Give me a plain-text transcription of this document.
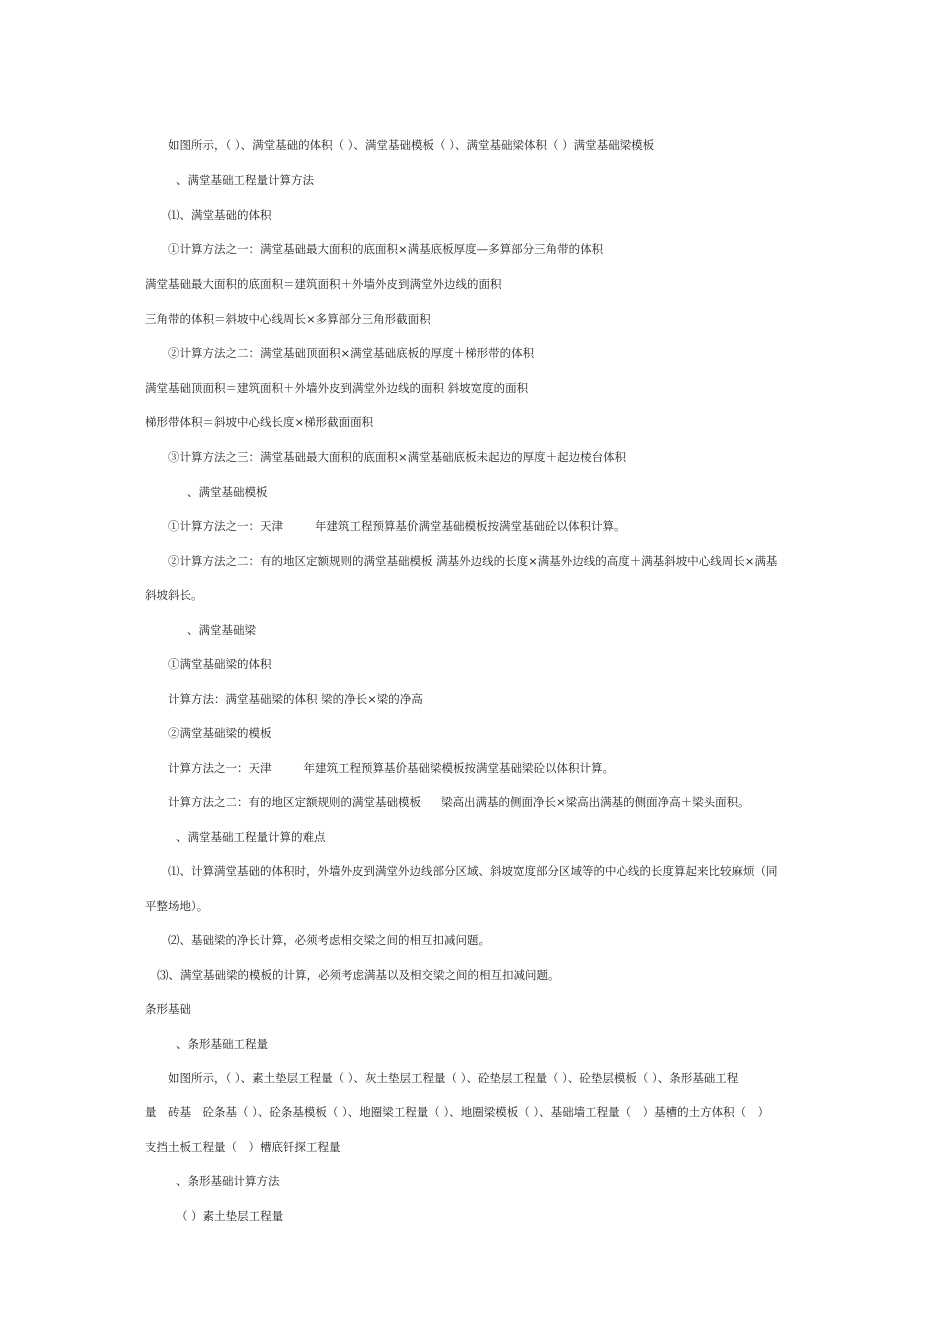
如图所示，（ ）、满堂基础的体积（ ）、满堂基础模板（ ）、满堂基础梁体积（ ）满堂基础梁模板
、满堂基础工程量计算方法
⑴、满堂基础的体积
①计算方法之一：满堂基础最大面积的底面积×满基底板厚度—多算部分三角带的体积
满堂基础最大面积的底面积＝建筑面积＋外墙外皮到满堂外边线的面积
三角带的体积＝斜坡中心线周长×多算部分三角形截面积
②计算方法之二：满堂基础顶面积×满堂基础底板的厚度＋梯形带的体积
满堂基础顶面积＝建筑面积＋外墙外皮到满堂外边线的面积 斜坡宽度的面积
梯形带体积＝斜坡中心线长度×梯形截面面积
③计算方法之三：满堂基础最大面积的底面积×满堂基础底板未起边的厚度＋起边棱台体积
、满堂基础模板
①计算方法之一：天津	年建筑工程预算基价满堂基础模板按满堂基础砼以体积计算。
②计算方法之二：有的地区定额规则的满堂基础模板 满基外边线的长度×满基外边线的高度＋满基斜坡中心线周长×满基
斜坡斜长。
、满堂基础梁
①满堂基础梁的体积
计算方法：满堂基础梁的体积 梁的净长×梁的净高
②满堂基础梁的模板
计算方法之一：天津	年建筑工程预算基价基础梁模板按满堂基础梁砼以体积计算。
计算方法之二：有的地区定额规则的满堂基础模板 梁高出满基的侧面净长×梁高出满基的侧面净高＋梁头面积。
、满堂基础工程量计算的难点
⑴、计算满堂基础的体积时，外墙外皮到满堂外边线部分区域、斜坡宽度部分区域等的中心线的长度算起来比较麻烦（同
平整场地）。
⑵、基础梁的净长计算，必须考虑相交梁之间的相互扣减问题。
⑶、满堂基础梁的模板的计算，必须考虑满基以及相交梁之间的相互扣减问题。
条形基础
、条形基础工程量
如图所示，（ ）、素土垫层工程量（ ）、灰土垫层工程量（ ）、砼垫层工程量（ ）、砼垫层模板（ ）、条形基础工程
量　砖基　砼条基（ ）、砼条基模板（ ）、地圈梁工程量（ ）、地圈梁模板（ ）、基础墙工程量（　）基槽的土方体积（　）
支挡土板工程量（　）槽底钎探工程量
、条形基础计算方法
（ ）素土垫层工程量
